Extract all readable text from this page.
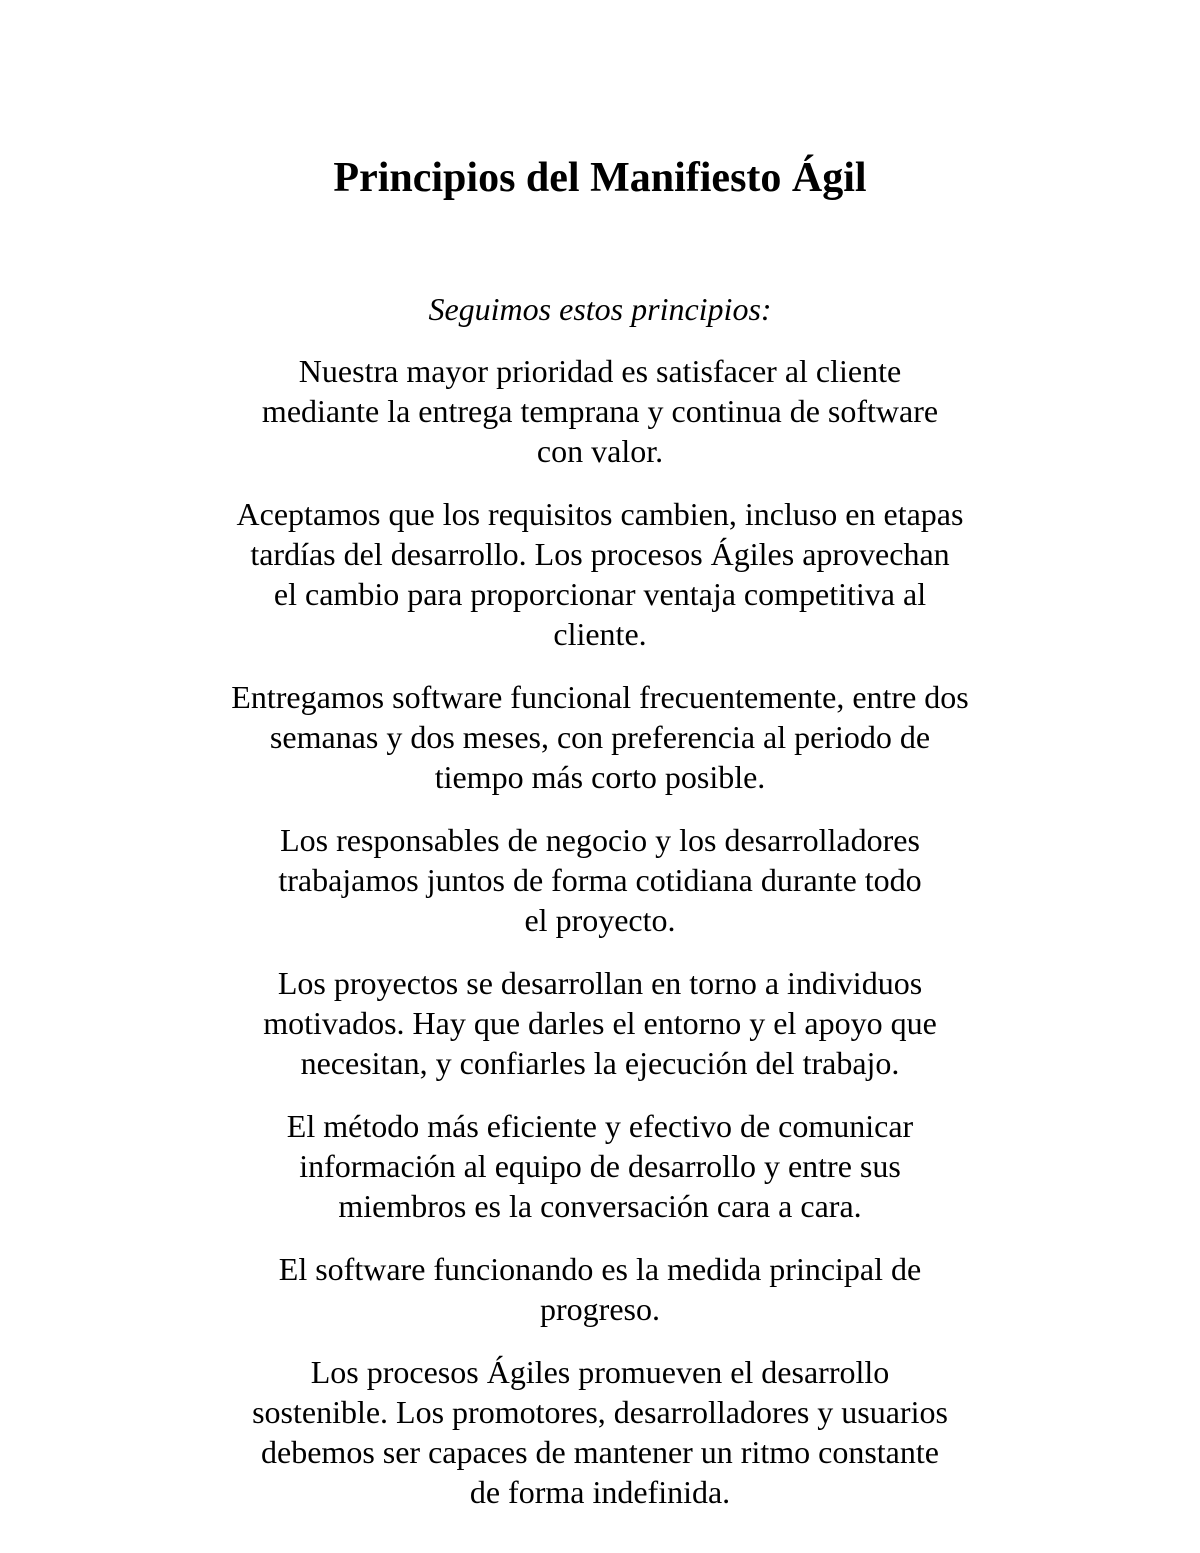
Principios del Manifiesto Ágil

Seguimos estos principios:

Nuestra mayor prioridad es satisfacer al cliente
mediante la entrega temprana y continua de software
con valor.

Aceptamos que los requisitos cambien, incluso en etapas
tardías del desarrollo. Los procesos Ágiles aprovechan
el cambio para proporcionar ventaja competitiva al
cliente.

Entregamos software funcional frecuentemente, entre dos
semanas y dos meses, con preferencia al periodo de
tiempo más corto posible.

Los responsables de negocio y los desarrolladores
trabajamos juntos de forma cotidiana durante todo
el proyecto.

Los proyectos se desarrollan en torno a individuos
motivados. Hay que darles el entorno y el apoyo que
necesitan, y confiarles la ejecución del trabajo.

El método más eficiente y efectivo de comunicar
información al equipo de desarrollo y entre sus
miembros es la conversación cara a cara.

El software funcionando es la medida principal de
progreso.

Los procesos Ágiles promueven el desarrollo
sostenible. Los promotores, desarrolladores y usuarios
debemos ser capaces de mantener un ritmo constante
de forma indefinida.
